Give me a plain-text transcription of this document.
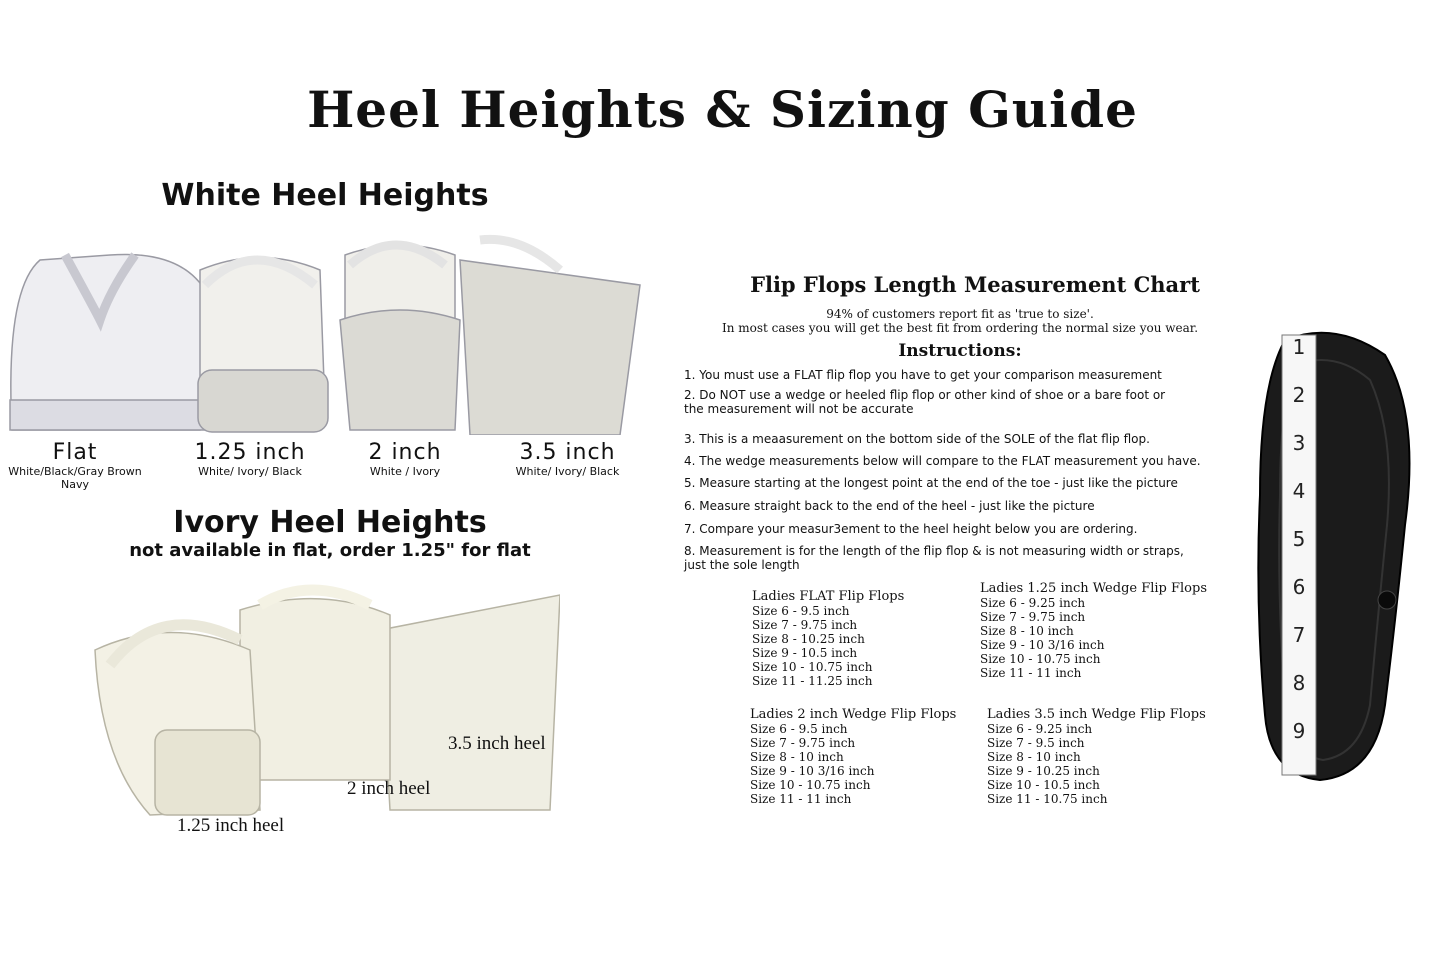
Heel Heights & Sizing Guide
White Heel Heights
Flat
White/Black/Gray Brown Navy
1.25 inch
White/ Ivory/ Black
2 inch
White / Ivory
3.5 inch
White/ Ivory/ Black
Ivory Heel Heights
not available in flat, order 1.25" for flat
3.5 inch heel
2 inch heel
1.25 inch heel
Flip Flops Length Measurement Chart
94% of customers report fit as 'true to size'.
In most cases you will get the best fit from ordering the normal size you wear.
Instructions:
1. You must use a FLAT flip flop you have to get your comparison measurement
2. Do NOT use a wedge or heeled flip flop or other kind of shoe or a bare foot or
the measurement will not be accurate
3. This is a meaasurement on the bottom side of the SOLE of the flat flip flop.
4. The wedge measurements below will compare to the FLAT measurement you have.
5. Measure starting at the longest point at the end of the toe - just like the picture
6. Measure straight back to the end of the heel - just like the picture
7. Compare your measur3ement to the heel height below you are ordering.
8. Measurement is for the length of the flip flop & is not measuring width or straps,
just the sole length
Ladies FLAT Flip Flops
Size 6 - 9.5 inch
Size 7 - 9.75 inch
Size 8 - 10.25 inch
Size 9 - 10.5 inch
Size 10 - 10.75 inch
Size 11 - 11.25 inch
Ladies 1.25 inch Wedge Flip Flops
Size 6 - 9.25 inch
Size 7 - 9.75 inch
Size 8 - 10 inch
Size 9 - 10 3/16 inch
Size 10 - 10.75 inch
Size 11 - 11 inch
Ladies 2 inch Wedge Flip Flops
Size 6 - 9.5 inch
Size 7 - 9.75 inch
Size 8 - 10 inch
Size 9 - 10 3/16 inch
Size 10 - 10.75 inch
Size 11 - 11 inch
Ladies 3.5 inch Wedge Flip Flops
Size 6 - 9.25 inch
Size 7 - 9.5 inch
Size 8 - 10 inch
Size 9 - 10.25 inch
Size 10 - 10.5 inch
Size 11 - 10.75 inch
1
2
3
4
5
6
7
8
9
